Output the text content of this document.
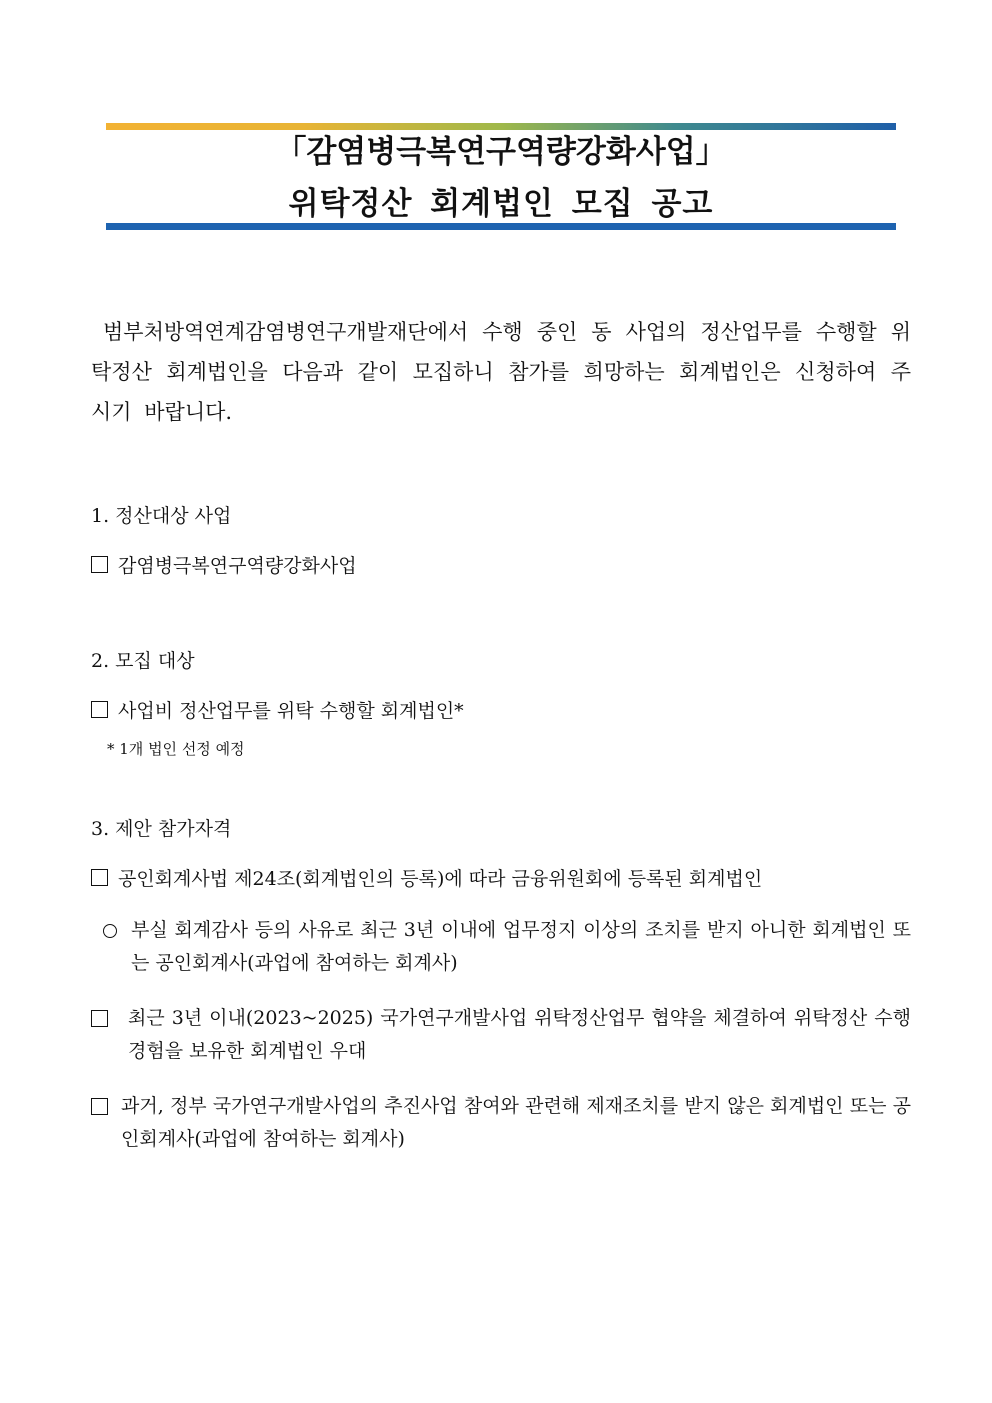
「감염병극복연구역량강화사업」
위탁정산 회계법인 모집 공고
범부처방역연계감염병연구개발재단에서 수행 중인 동 사업의 정산업무를 수행할 위탁정산 회계법인을 다음과 같이 모집하니 참가를 희망하는 회계법인은 신청하여 주시기 바랍니다.
1. 정산대상 사업
감염병극복연구역량강화사업
2. 모집 대상
사업비 정산업무를 위탁 수행할 회계법인*
* 1개 법인 선정 예정
3. 제안 참가자격
공인회계사법 제24조(회계법인의 등록)에 따라 금융위원회에 등록된 회계법인
부실 회계감사 등의 사유로 최근 3년 이내에 업무정지 이상의 조치를 받지 아니한 회계법인 또는 공인회계사(과업에 참여하는 회계사)
최근 3년 이내(2023~2025) 국가연구개발사업 위탁정산업무 협약을 체결하여 위탁정산 수행경험을 보유한 회계법인 우대
과거, 정부 국가연구개발사업의 추진사업 참여와 관련해 제재조치를 받지 않은 회계법인 또는 공인회계사(과업에 참여하는 회계사)
